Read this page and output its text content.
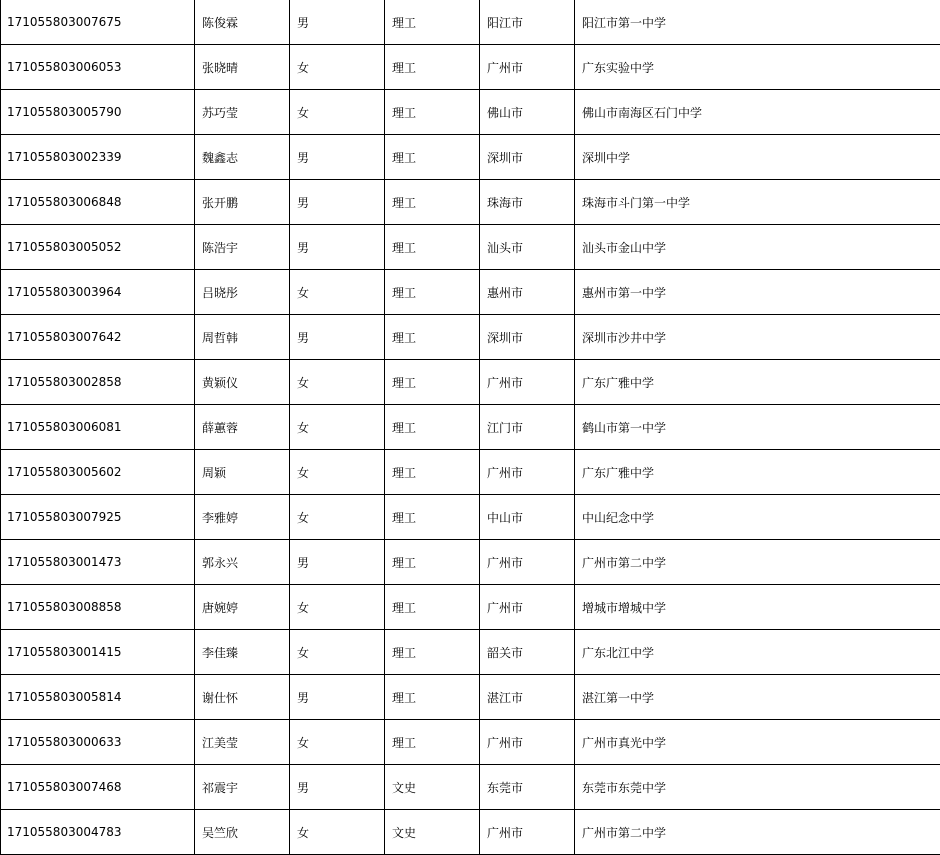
171055803007675	陈俊霖	男	理工	阳江市	阳江市第一中学
171055803006053	张晓晴	女	理工	广州市	广东实验中学
171055803005790	苏巧莹	女	理工	佛山市	佛山市南海区石门中学
171055803002339	魏鑫志	男	理工	深圳市	深圳中学
171055803006848	张开鹏	男	理工	珠海市	珠海市斗门第一中学
171055803005052	陈浩宇	男	理工	汕头市	汕头市金山中学
171055803003964	吕晓彤	女	理工	惠州市	惠州市第一中学
171055803007642	周哲韩	男	理工	深圳市	深圳市沙井中学
171055803002858	黄颖仪	女	理工	广州市	广东广雅中学
171055803006081	薛蕙蓉	女	理工	江门市	鹤山市第一中学
171055803005602	周颖	女	理工	广州市	广东广雅中学
171055803007925	李雅婷	女	理工	中山市	中山纪念中学
171055803001473	郭永兴	男	理工	广州市	广州市第二中学
171055803008858	唐婉婷	女	理工	广州市	增城市增城中学
171055803001415	李佳臻	女	理工	韶关市	广东北江中学
171055803005814	谢仕怀	男	理工	湛江市	湛江第一中学
171055803000633	江美莹	女	理工	广州市	广州市真光中学
171055803007468	祁震宇	男	文史	东莞市	东莞市东莞中学
171055803004783	吴竺欣	女	文史	广州市	广州市第二中学
